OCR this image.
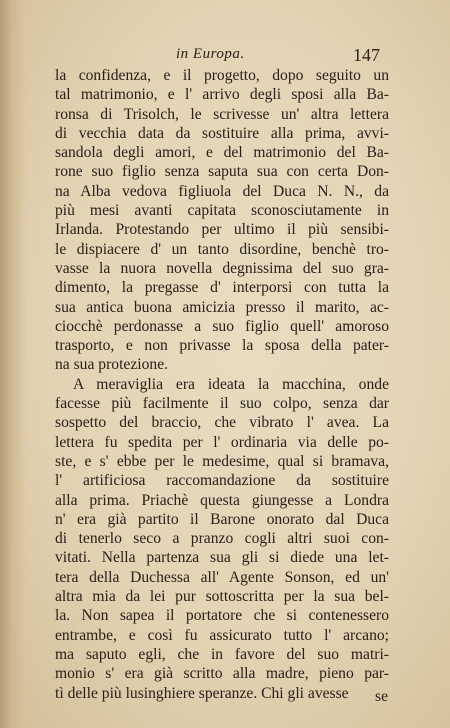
in Europa.	147
la confidenza, e il progetto, dopo seguito un
tal matrimonio, e l' arrivo degli sposi alla Ba-
ronsa di Trisolch, le scrivesse un' altra lettera
di vecchia data da sostituire alla prima, avvi-
sandola degli amori, e del matrimonio del Ba-
rone suo figlio senza saputa sua con certa Don-
na Alba vedova figliuola del Duca N. N., da
più mesi avanti capitata sconosciutamente in
Irlanda. Protestando per ultimo il più sensibi-
le dispiacere d' un tanto disordine, benchè tro-
vasse la nuora novella degnissima del suo gra-
dimento, la pregasse d' interporsi con tutta la
sua antica buona amicizia presso il marito, ac-
ciocchè perdonasse a suo figlio quell' amoroso
trasporto, e non privasse la sposa della pater-
na sua protezione.
A meraviglia era ideata la macchina, onde
facesse più facilmente il suo colpo, senza dar
sospetto del braccio, che vibrato l' avea. La
lettera fu spedita per l' ordinaria via delle po-
ste, e s' ebbe per le medesime, qual si bramava,
l' artificiosa raccomandazione da sostituire
alla prima. Priachè questa giungesse a Londra
n' era già partito il Barone onorato dal Duca
di tenerlo seco a pranzo cogli altri suoi con-
vitati. Nella partenza sua gli si diede una let-
tera della Duchessa all' Agente Sonson, ed un'
altra mia da lei pur sottoscritta per la sua bel-
la. Non sapea il portatore che si contenessero
entrambe, e così fu assicurato tutto l' arcano;
ma saputo egli, che in favore del suo matri-
monio s' era già scritto alla madre, pieno par-
tì delle più lusinghiere speranze. Chi gli avesse	se
